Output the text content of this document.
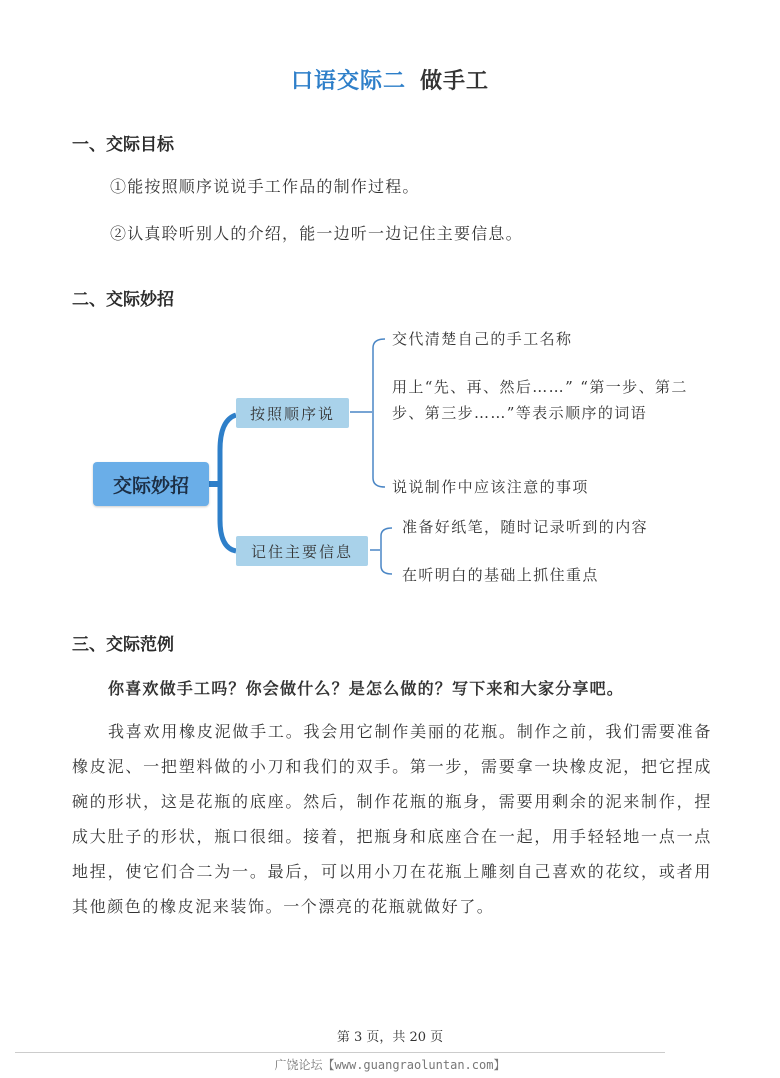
口语交际二 做手工
一、交际目标
①能按照顺序说说手工作品的制作过程。
②认真聆听别人的介绍，能一边听一边记住主要信息。
二、交际妙招
交际妙招
按照顺序说
记住主要信息
交代清楚自己的手工名称
用上“先、再、然后……” “第一步、第二步、第三步……”等表示顺序的词语
说说制作中应该注意的事项
准备好纸笔，随时记录听到的内容
在听明白的基础上抓住重点
三、交际范例
你喜欢做手工吗？你会做什么？是怎么做的？写下来和大家分享吧。
我喜欢用橡皮泥做手工。我会用它制作美丽的花瓶。制作之前，我们需要准备橡皮泥、一把塑料做的小刀和我们的双手。第一步，需要拿一块橡皮泥，把它捏成碗的形状，这是花瓶的底座。然后，制作花瓶的瓶身，需要用剩余的泥来制作，捏成大肚子的形状，瓶口很细。接着，把瓶身和底座合在一起，用手轻轻地一点一点地捏，使它们合二为一。最后，可以用小刀在花瓶上雕刻自己喜欢的花纹，或者用其他颜色的橡皮泥来装饰。一个漂亮的花瓶就做好了。
第 3 页，共 20 页
广饶论坛【www.guangraoluntan.com】
